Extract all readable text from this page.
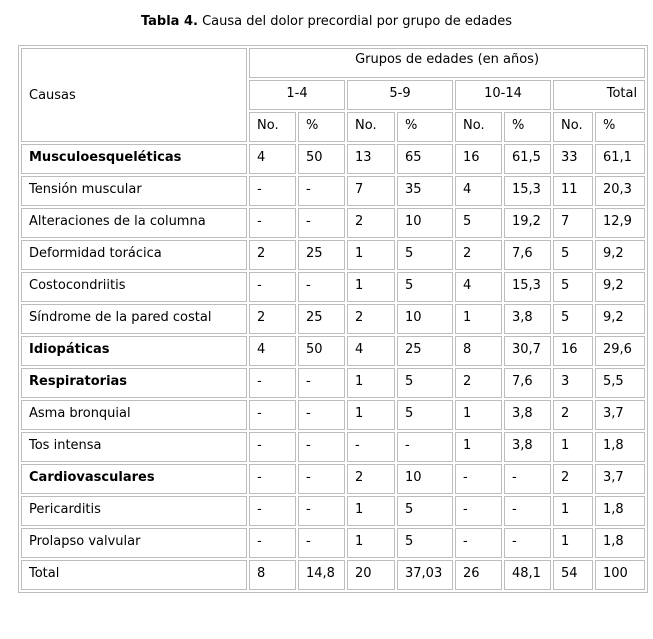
Tabla 4. Causa del dolor precordial por grupo de edades
Causas	Grupos de edades (en años)							
	1-4		5-9		10-14		Total	
	No.	%	No.	%	No.	%	No.	%
Musculoesqueléticas	4	50	13	65	16	61,5	33	61,1
Tensión muscular	-	-	7	35	4	15,3	11	20,3
Alteraciones de la columna	-	-	2	10	5	19,2	7	12,9
Deformidad torácica	2	25	1	5	2	7,6	5	9,2
Costocondriitis	-	-	1	5	4	15,3	5	9,2
Síndrome de la pared costal	2	25	2	10	1	3,8	5	9,2
Idiopáticas	4	50	4	25	8	30,7	16	29,6
Respiratorias	-	-	1	5	2	7,6	3	5,5
Asma bronquial	-	-	1	5	1	3,8	2	3,7
Tos intensa	-	-	-	-	1	3,8	1	1,8
Cardiovasculares	-	-	2	10	-	-	2	3,7
Pericarditis	-	-	1	5	-	-	1	1,8
Prolapso valvular	-	-	1	5	-	-	1	1,8
Total	8	14,8	20	37,03	26	48,1	54	100
